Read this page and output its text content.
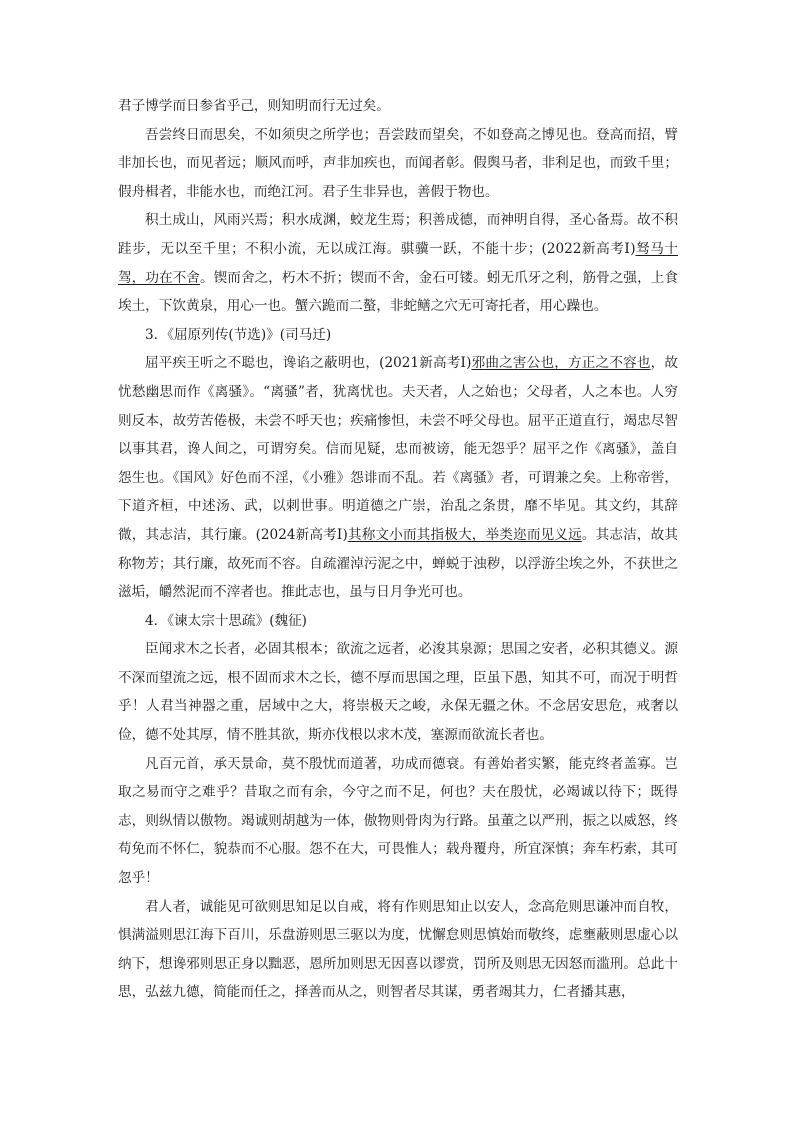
君子博学而日参省乎己，则知明而行无过矣。

吾尝终日而思矣，不如须臾之所学也；吾尝跂而望矣，不如登高之博见也。登高而招，臂非加长也，而见者远；顺风而呼，声非加疾也，而闻者彰。假舆马者，非利足也，而致千里；假舟楫者，非能水也，而绝江河。君子生非异也，善假于物也。

积土成山，风雨兴焉；积水成渊，蛟龙生焉；积善成德，而神明自得，圣心备焉。故不积跬步，无以至千里；不积小流，无以成江海。骐骥一跃，不能十步；(2022新高考Ⅰ)驽马十驾，功在不舍。锲而舍之，朽木不折；锲而不舍，金石可镂。蚓无爪牙之利，筋骨之强，上食埃土，下饮黄泉，用心一也。蟹六跪而二螯，非蛇鳝之穴无可寄托者，用心躁也。

3．《屈原列传(节选)》(司马迁)

屈平疾王听之不聪也，谗谄之蔽明也，(2021新高考Ⅰ)邪曲之害公也，方正之不容也，故忧愁幽思而作《离骚》。“离骚”者，犹离忧也。夫天者，人之始也；父母者，人之本也。人穷则反本，故劳苦倦极，未尝不呼天也；疾痛惨怛，未尝不呼父母也。屈平正道直行，竭忠尽智以事其君，谗人间之，可谓穷矣。信而见疑，忠而被谤，能无怨乎？屈平之作《离骚》，盖自怨生也。《国风》好色而不淫，《小雅》怨诽而不乱。若《离骚》者，可谓兼之矣。上称帝喾，下道齐桓，中述汤、武，以刺世事。明道德之广崇，治乱之条贯，靡不毕见。其文约，其辞微，其志洁，其行廉。(2024新高考Ⅰ)其称文小而其指极大，举类迩而见义远。其志洁，故其称物芳；其行廉，故死而不容。自疏濯淖污泥之中，蝉蜕于浊秽，以浮游尘埃之外，不获世之滋垢，皭然泥而不滓者也。推此志也，虽与日月争光可也。

4．《谏太宗十思疏》(魏征)

臣闻求木之长者，必固其根本；欲流之远者，必浚其泉源；思国之安者，必积其德义。源不深而望流之远，根不固而求木之长，德不厚而思国之理，臣虽下愚，知其不可，而况于明哲乎！人君当神器之重，居域中之大，将崇极天之峻，永保无疆之休。不念居安思危，戒奢以俭，德不处其厚，情不胜其欲，斯亦伐根以求木茂，塞源而欲流长者也。

凡百元首，承天景命，莫不殷忧而道著，功成而德衰。有善始者实繁，能克终者盖寡。岂取之易而守之难乎？昔取之而有余，今守之而不足，何也？夫在殷忧，必竭诚以待下；既得志，则纵情以傲物。竭诚则胡越为一体，傲物则骨肉为行路。虽董之以严刑，振之以威怒，终苟免而不怀仁，貌恭而不心服。怨不在大，可畏惟人；载舟覆舟，所宜深慎；奔车朽索，其可忽乎！

君人者，诚能见可欲则思知足以自戒，将有作则思知止以安人，念高危则思谦冲而自牧，惧满溢则思江海下百川，乐盘游则思三驱以为度，忧懈怠则思慎始而敬终，虑壅蔽则思虚心以纳下，想谗邪则思正身以黜恶，恩所加则思无因喜以谬赏，罚所及则思无因怒而滥刑。总此十思，弘兹九德，简能而任之，择善而从之，则智者尽其谋，勇者竭其力，仁者播其惠，
